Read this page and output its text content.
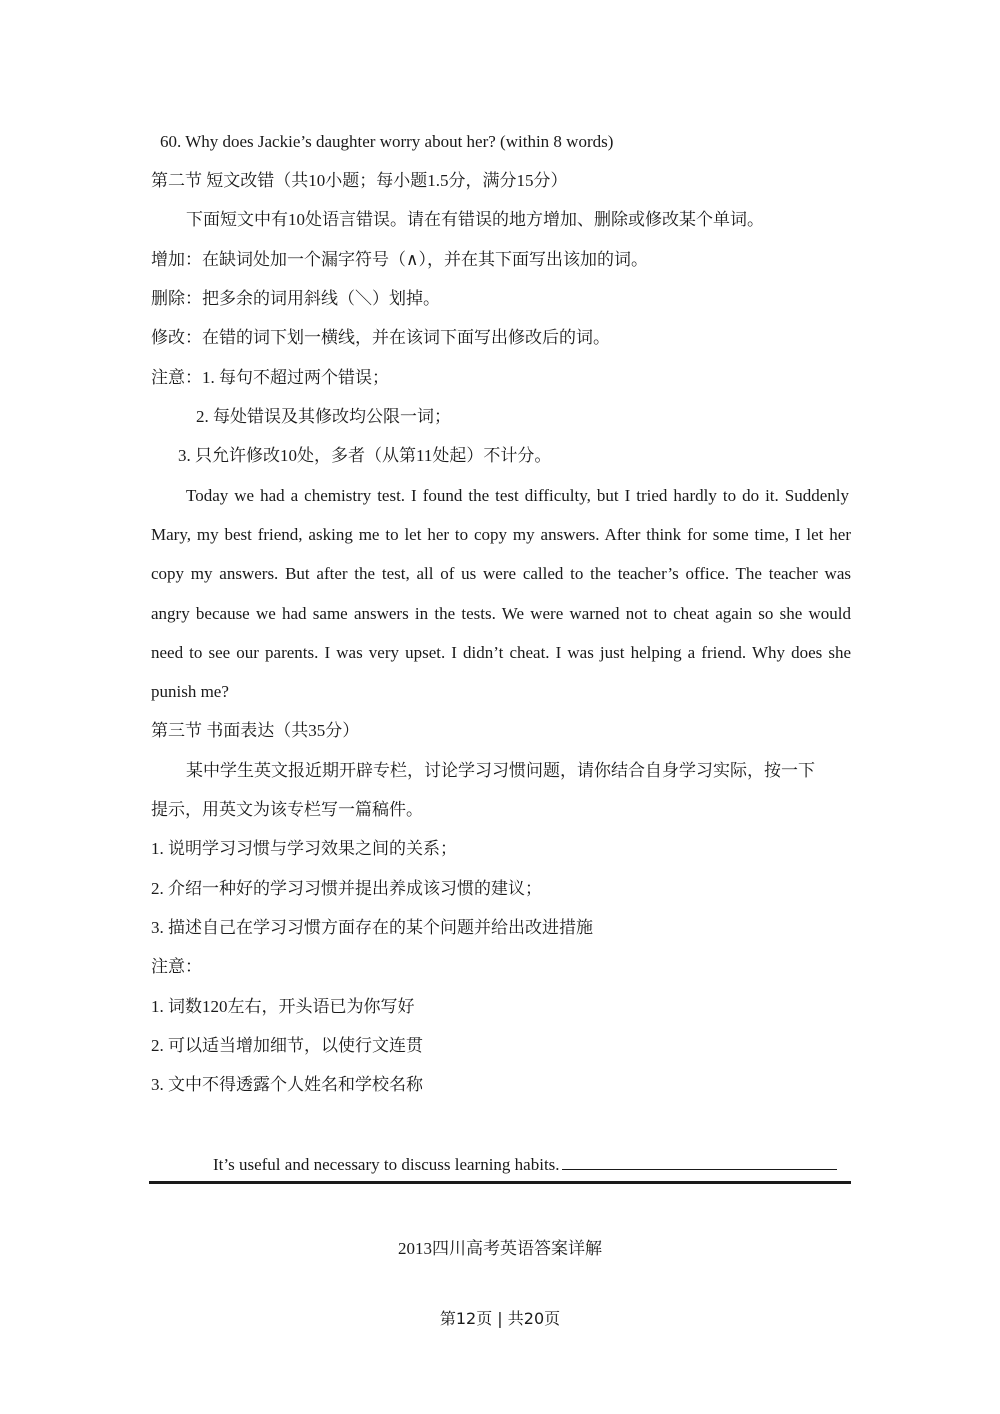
60. Why does Jackie’s daughter worry about her? (within 8 words)
第二节 短文改错（共10小题；每小题1.5分，满分15分）
下面短文中有10处语言错误。请在有错误的地方增加、删除或修改某个单词。
增加：在缺词处加一个漏字符号（∧），并在其下面写出该加的词。
删除：把多余的词用斜线（＼）划掉。
修改：在错的词下划一横线，并在该词下面写出修改后的词。
注意：1. 每句不超过两个错误；
2. 每处错误及其修改均公限一词；
3. 只允许修改10处，多者（从第11处起）不计分。
Today we had a chemistry test. I found the test difficulty, but I tried hardly to do it. Suddenly
Mary, my best friend, asking me to let her to copy my answers. After think for some time, I let her
copy my answers. But after the test, all of us were called to the teacher’s office. The teacher was
angry because we had same answers in the tests. We were warned not to cheat again so she would
need to see our parents. I was very upset. I didn’t cheat. I was just helping a friend. Why does she
punish me?
第三节 书面表达（共35分）
某中学生英文报近期开辟专栏，讨论学习习惯问题，请你结合自身学习实际，按一下
提示，用英文为该专栏写一篇稿件。
1. 说明学习习惯与学习效果之间的关系；
2. 介绍一种好的学习习惯并提出养成该习惯的建议；
3. 描述自己在学习习惯方面存在的某个问题并给出改进措施
注意：
1. 词数120左右，开头语已为你写好
2. 可以适当增加细节，以使行文连贯
3. 文中不得透露个人姓名和学校名称
It’s useful and necessary to discuss learning habits.
2013四川高考英语答案详解
第12页 | 共20页
